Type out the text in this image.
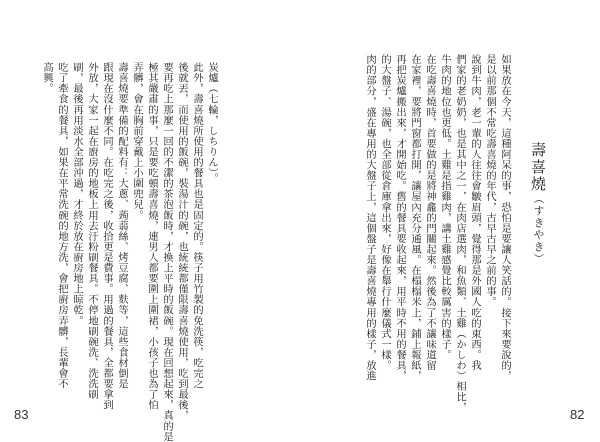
高興。 吃了牽食的餐具，如果在平常洗碗的地方洗，會把廚房弄髒，長輩會不 刷，最後再用淡水全部沖過，才終於放在廚房地上晾乾。 外放，大家一起在廚房的地板上用去汙粉刷餐具。不停地刷碗洗、洗洗刷 跟現在沒什麼不同。在吃完之後，收拾更是費事。用過的餐具，全都要拿到 壽喜燒要準備的配料有：大蔥、蒟蒻絲、烤豆腐、麩等，這些食材倒是 弄髒，會在胸前穿戴上小圍兜兒。 極其嚴肅的事，只是要吃頓壽喜燒，連男人都要圍上圍裙，小孩子也為了怕 要再吃上那麼一回的不潔的茶泡飯時，才換上平時的飯碗。現在回想起來，真的是 後就丟，而使用的飯碗，裝湯汁的碗，也統統都僅限壽喜燒使用，吃到最後， 此外，壽喜燒所使用的餐具也是固定的。筷子用竹製的免洗筷，吃完之 炭爐（七輪，しちりん）。
83
壽喜燒（すきやき）
肉的部分，盛在專用的大盤子上，這個盤子是壽喜燒專用的樣子，放進 的大盤子、湯碗，也全部從倉庫拿出來，好像在舉行什麼儀式一樣。 再把炭爐搬出來，才開始吃。舊的餐具要收起來，用平時不用的餐具， 在家裡，要將門窗都打開，讓屋內充分通風。在榻榻米上，鋪上報紙， 在吃壽喜燒時，首要做的是將神龕的門關起來。然後為了不讓味道留 牛肉的地位也更低。土雞是指雞肉，講土雞感覺比較厲害的樣子。 們家的老奶奶，也是其中之一，在肉店選肉，和魚類、土雞（かしわ）相比， 說到牛肉，老一輩的人往往會皺眉頭，覺得那是外國人吃的東西。我 是以前那個不常吃壽喜燒的年代，古早古早之前的事。 如果放在今天，這種阿呆的事，恐怕是要讓人笑話的。接下來要說的，
82
